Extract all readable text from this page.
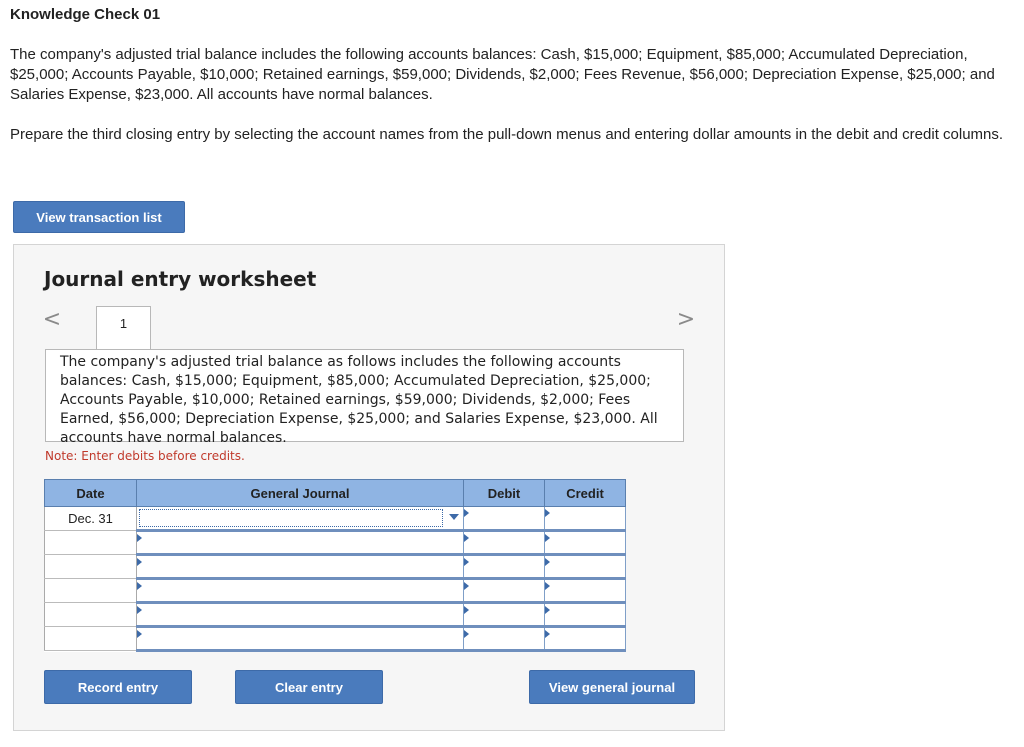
Knowledge Check 01

The company's adjusted trial balance includes the following accounts balances: Cash, $15,000; Equipment, $85,000; Accumulated Depreciation, $25,000; Accounts Payable, $10,000; Retained earnings, $59,000; Dividends, $2,000; Fees Revenue, $56,000; Depreciation Expense, $25,000; and Salaries Expense, $23,000. All accounts have normal balances.

Prepare the third closing entry by selecting the account names from the pull-down menus and entering dollar amounts in the debit and credit columns.

View transaction list
Journal entry worksheet
<	>
1
The company's adjusted trial balance as follows includes the following accounts balances: Cash, $15,000; Equipment, $85,000; Accumulated Depreciation, $25,000; Accounts Payable, $10,000; Retained earnings, $59,000; Dividends, $2,000; Fees Earned, $56,000; Depreciation Expense, $25,000; and Salaries Expense, $23,000. All accounts have normal balances.
Note: Enter debits before credits.
Date	General Journal	Debit	Credit
Dec. 31	

Record entry	Clear entry	View general journal
